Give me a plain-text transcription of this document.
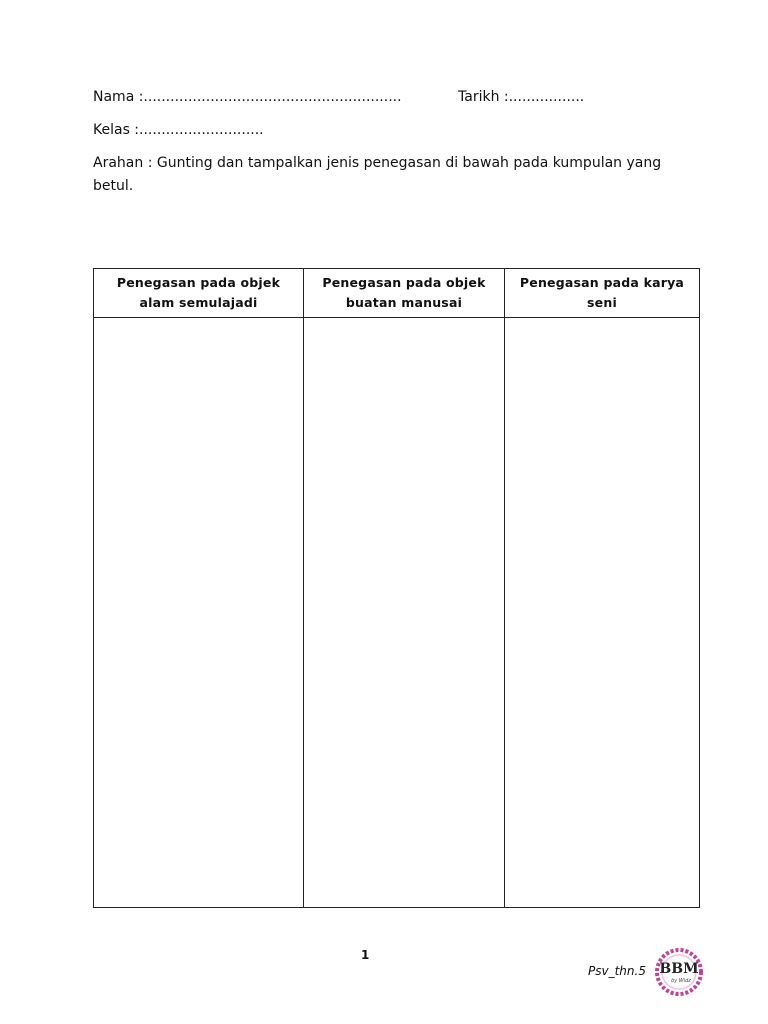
Nama :..........................................................	Tarikh :.................
Kelas :............................
Arahan : Gunting dan tampalkan jenis penegasan di bawah pada kumpulan yang betul.
Penegasan pada objek alam semulajadi	Penegasan pada objek buatan manusai	Penegasan pada karya seni

1
Psv_thn.5 BBM
by Widz
